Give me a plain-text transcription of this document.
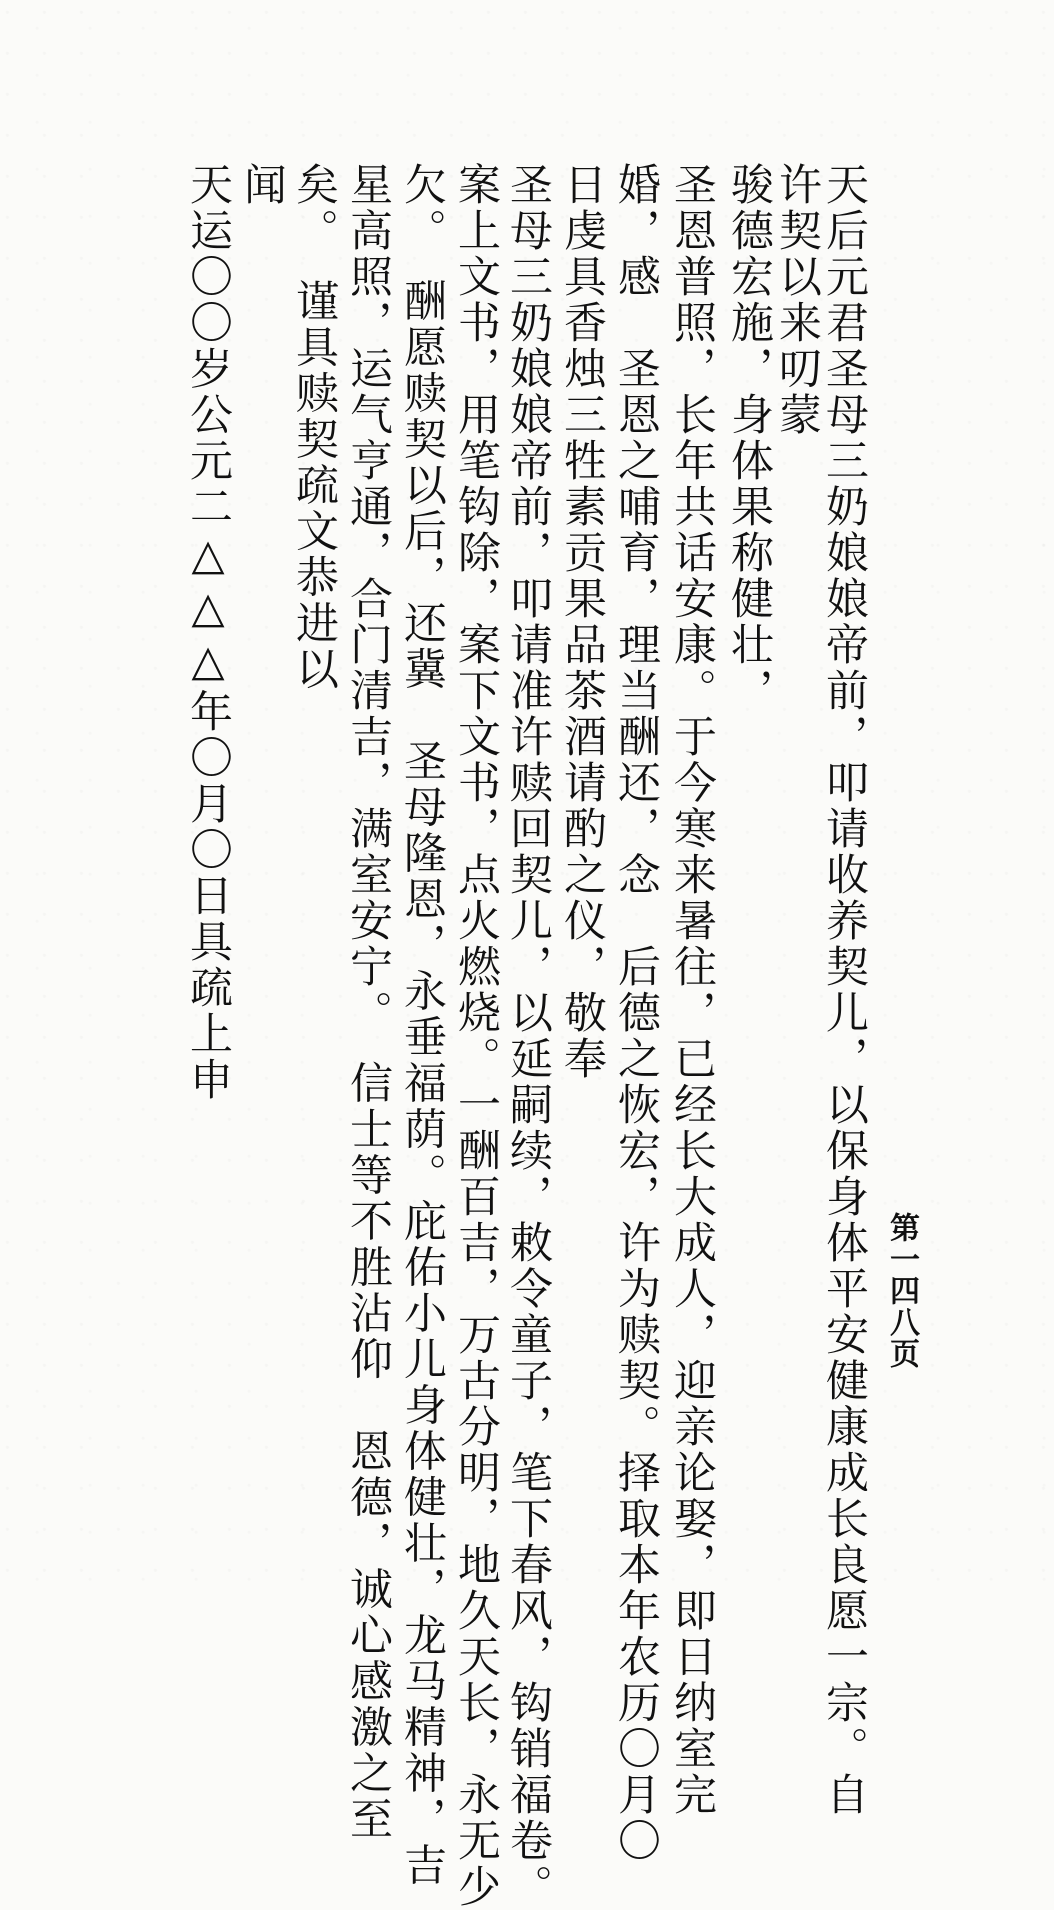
第一四八页
天后元君圣母三奶娘娘帝前，叩请收养契儿，以保身体平安健康成长良愿一宗。自
许契以来叨蒙
骏德宏施，身体果称健壮，
圣恩普照，长年共话安康。于今寒来暑往，已经长大成人，迎亲论娶，即日纳室完
婚，感　圣恩之哺育，理当酬还，念　后德之恢宏，许为赎契。择取本年农历〇月〇
日虔具香烛三牲素贡果品茶酒请酌之仪，敬奉
圣母三奶娘娘帝前，叩请准许赎回契儿，以延嗣续，敕令童子，笔下春风，钩销福卷。
案上文书，用笔钩除，案下文书，点火燃烧。一酬百吉，万古分明，地久天长，永无少
欠。　酬愿赎契以后，还冀　圣母隆恩，永垂福荫。庇佑小儿身体健壮，龙马精神，吉
星高照，运气亨通，合门清吉，满室安宁。　信士等不胜沾仰　恩德，诚心感激之至
矣。　谨具赎契疏文恭进以
闻
天运〇〇岁公元二△△△年〇月〇日具疏上申
